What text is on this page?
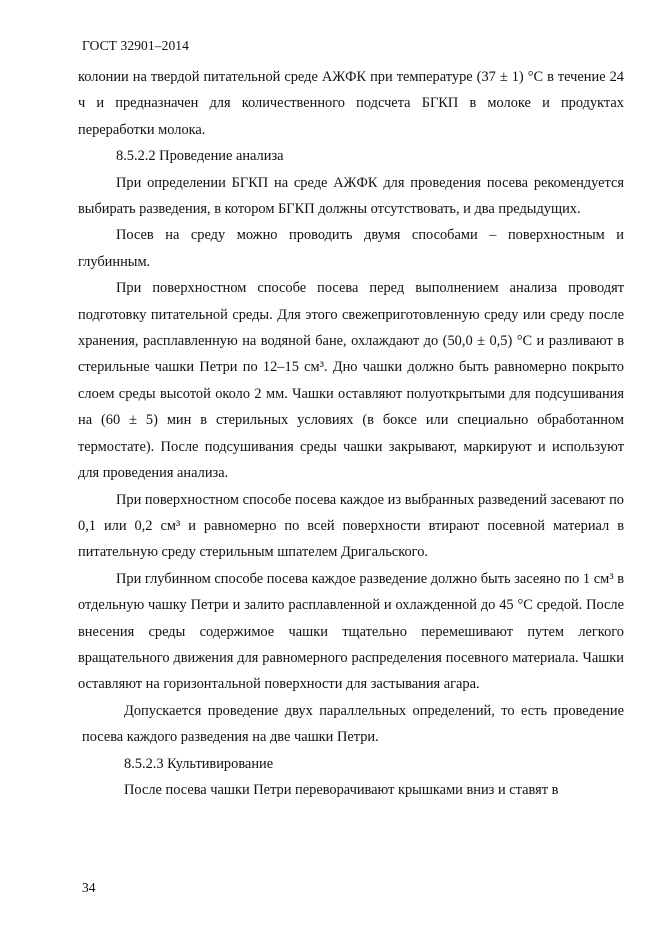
ГОСТ 32901–2014

колонии на твердой питательной среде АЖФК при температуре (37 ± 1) °С в течение 24 ч и предназначен для количественного подсчета БГКП в молоке и продуктах переработки молока.

8.5.2.2 Проведение анализа

При определении БГКП на среде АЖФК для проведения посева рекомендуется выбирать разведения, в котором БГКП должны отсутствовать, и два предыдущих.

Посев на среду можно проводить двумя способами – поверхностным и глубинным.

При поверхностном способе посева перед выполнением анализа проводят подготовку питательной среды. Для этого свежеприготовленную среду или среду после хранения, расплавленную на водяной бане, охлаждают до (50,0 ± 0,5) °С и разливают в стерильные чашки Петри по 12–15 см³. Дно чашки должно быть равномерно покрыто слоем среды высотой около 2 мм. Чашки оставляют полуоткрытыми для подсушивания на (60 ± 5) мин в стерильных условиях (в боксе или специально обработанном термостате). После подсушивания среды чашки закрывают, маркируют и используют для проведения анализа.

При поверхностном способе посева каждое из выбранных разведений засевают по 0,1 или 0,2 см³ и равномерно по всей поверхности втирают посевной материал в питательную среду стерильным шпателем Дригальского.

При глубинном способе посева каждое разведение должно быть засеяно по 1 см³ в отдельную чашку Петри и залито расплавленной и охлажденной до 45 °С средой. После внесения среды содержимое чашки тщательно перемешивают путем легкого вращательного движения для равномерного распределения посевного материала. Чашки оставляют на горизонтальной поверхности для застывания агара.

Допускается проведение двух параллельных определений, то есть проведение посева каждого разведения на две чашки Петри.

8.5.2.3 Культивирование

После посева чашки Петри переворачивают крышками вниз и ставят в

34
